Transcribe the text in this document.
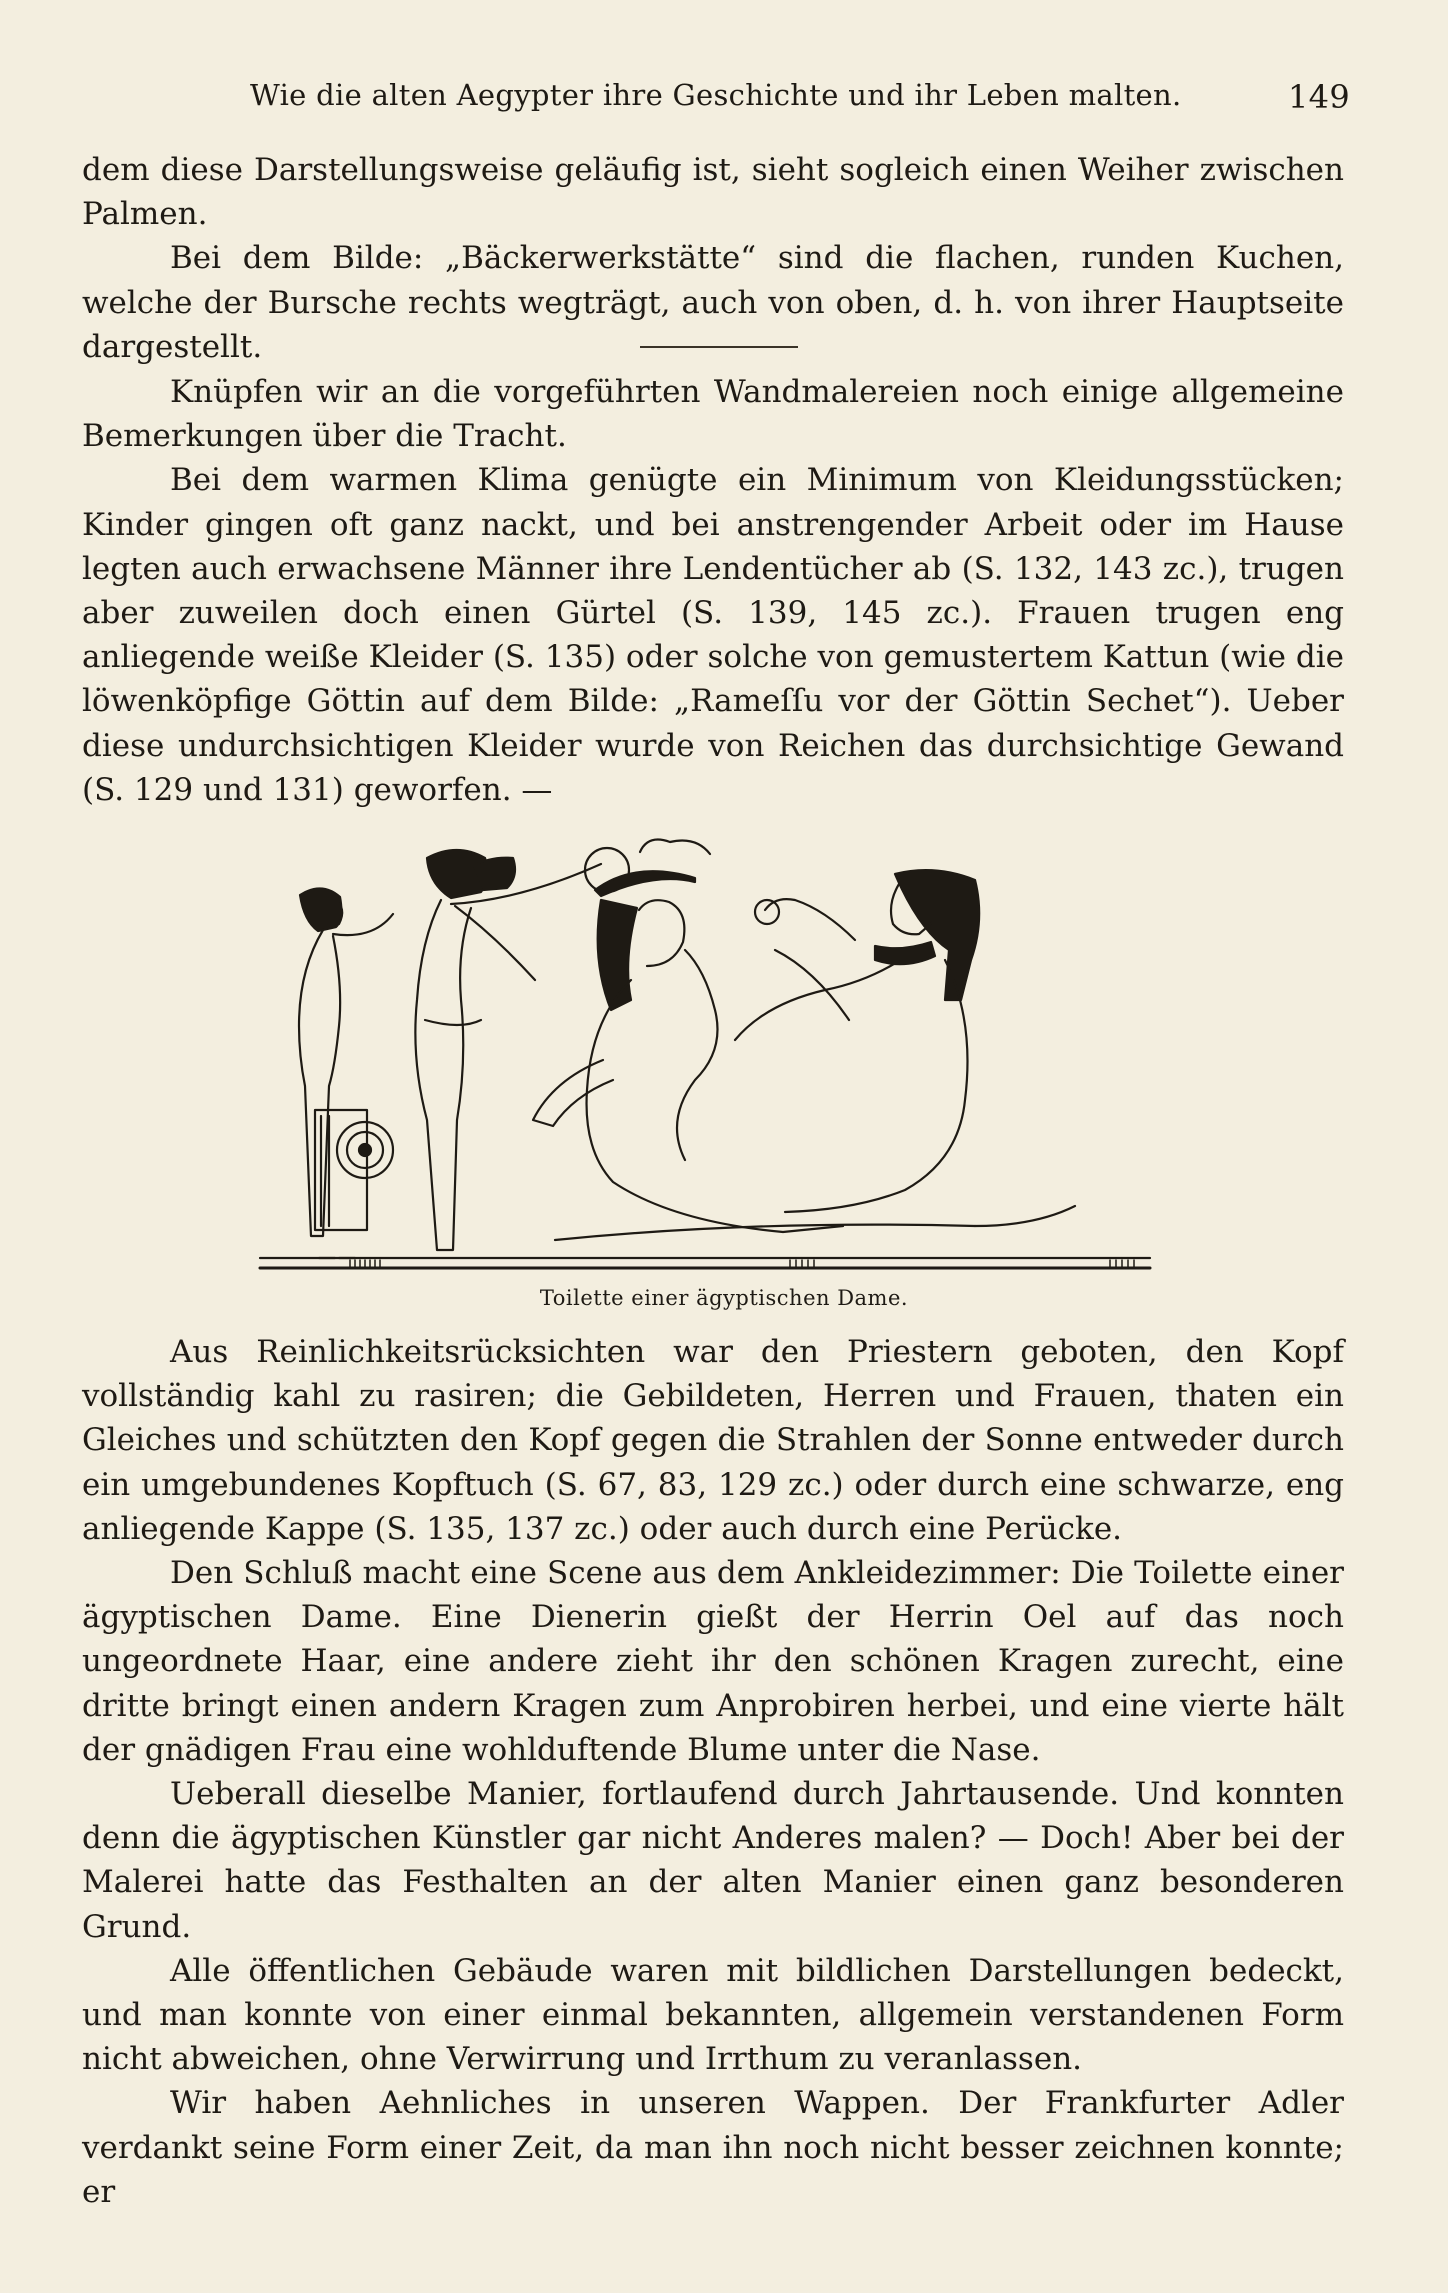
Wie die alten Aegypter ihre Geschichte und ihr Leben malten.	149

dem diese Darstellungsweise geläufig ist, sieht sogleich einen Weiher zwischen Palmen.

Bei dem Bilde: „Bäckerwerkstätte“ sind die flachen, runden Kuchen, welche der Bursche rechts wegträgt, auch von oben, d. h. von ihrer Hauptseite dargestellt.

Knüpfen wir an die vorgeführten Wandmalereien noch einige allgemeine Bemerkungen über die Tracht.

Bei dem warmen Klima genügte ein Minimum von Kleidungsstücken; Kinder gingen oft ganz nackt, und bei anstrengender Arbeit oder im Hause legten auch erwachsene Männer ihre Lendentücher ab (S. 132, 143 zc.), trugen aber zuweilen doch einen Gürtel (S. 139, 145 zc.). Frauen trugen eng anliegende weiße Kleider (S. 135) oder solche von gemustertem Kattun (wie die löwenköpfige Göttin auf dem Bilde: „Rameſſu vor der Göttin Sechet“). Ueber diese undurchsichtigen Kleider wurde von Reichen das durchsichtige Gewand (S. 129 und 131) geworfen. —

Toilette einer ägyptischen Dame.

Aus Reinlichkeitsrücksichten war den Priestern geboten, den Kopf vollständig kahl zu rasiren; die Gebildeten, Herren und Frauen, thaten ein Gleiches und schützten den Kopf gegen die Strahlen der Sonne entweder durch ein umgebundenes Kopftuch (S. 67, 83, 129 zc.) oder durch eine schwarze, eng anliegende Kappe (S. 135, 137 zc.) oder auch durch eine Perücke.

Den Schluß macht eine Scene aus dem Ankleidezimmer: Die Toilette einer ägyptischen Dame. Eine Dienerin gießt der Herrin Oel auf das noch ungeordnete Haar, eine andere zieht ihr den schönen Kragen zurecht, eine dritte bringt einen andern Kragen zum Anprobiren herbei, und eine vierte hält der gnädigen Frau eine wohlduftende Blume unter die Nase.

Ueberall dieselbe Manier, fortlaufend durch Jahrtausende. Und konnten denn die ägyptischen Künstler gar nicht Anderes malen? — Doch! Aber bei der Malerei hatte das Festhalten an der alten Manier einen ganz besonderen Grund.

Alle öffentlichen Gebäude waren mit bildlichen Darstellungen bedeckt, und man konnte von einer einmal bekannten, allgemein verstandenen Form nicht abweichen, ohne Verwirrung und Irrthum zu veranlassen.

Wir haben Aehnliches in unseren Wappen. Der Frankfurter Adler verdankt seine Form einer Zeit, da man ihn noch nicht besser zeichnen konnte; er
